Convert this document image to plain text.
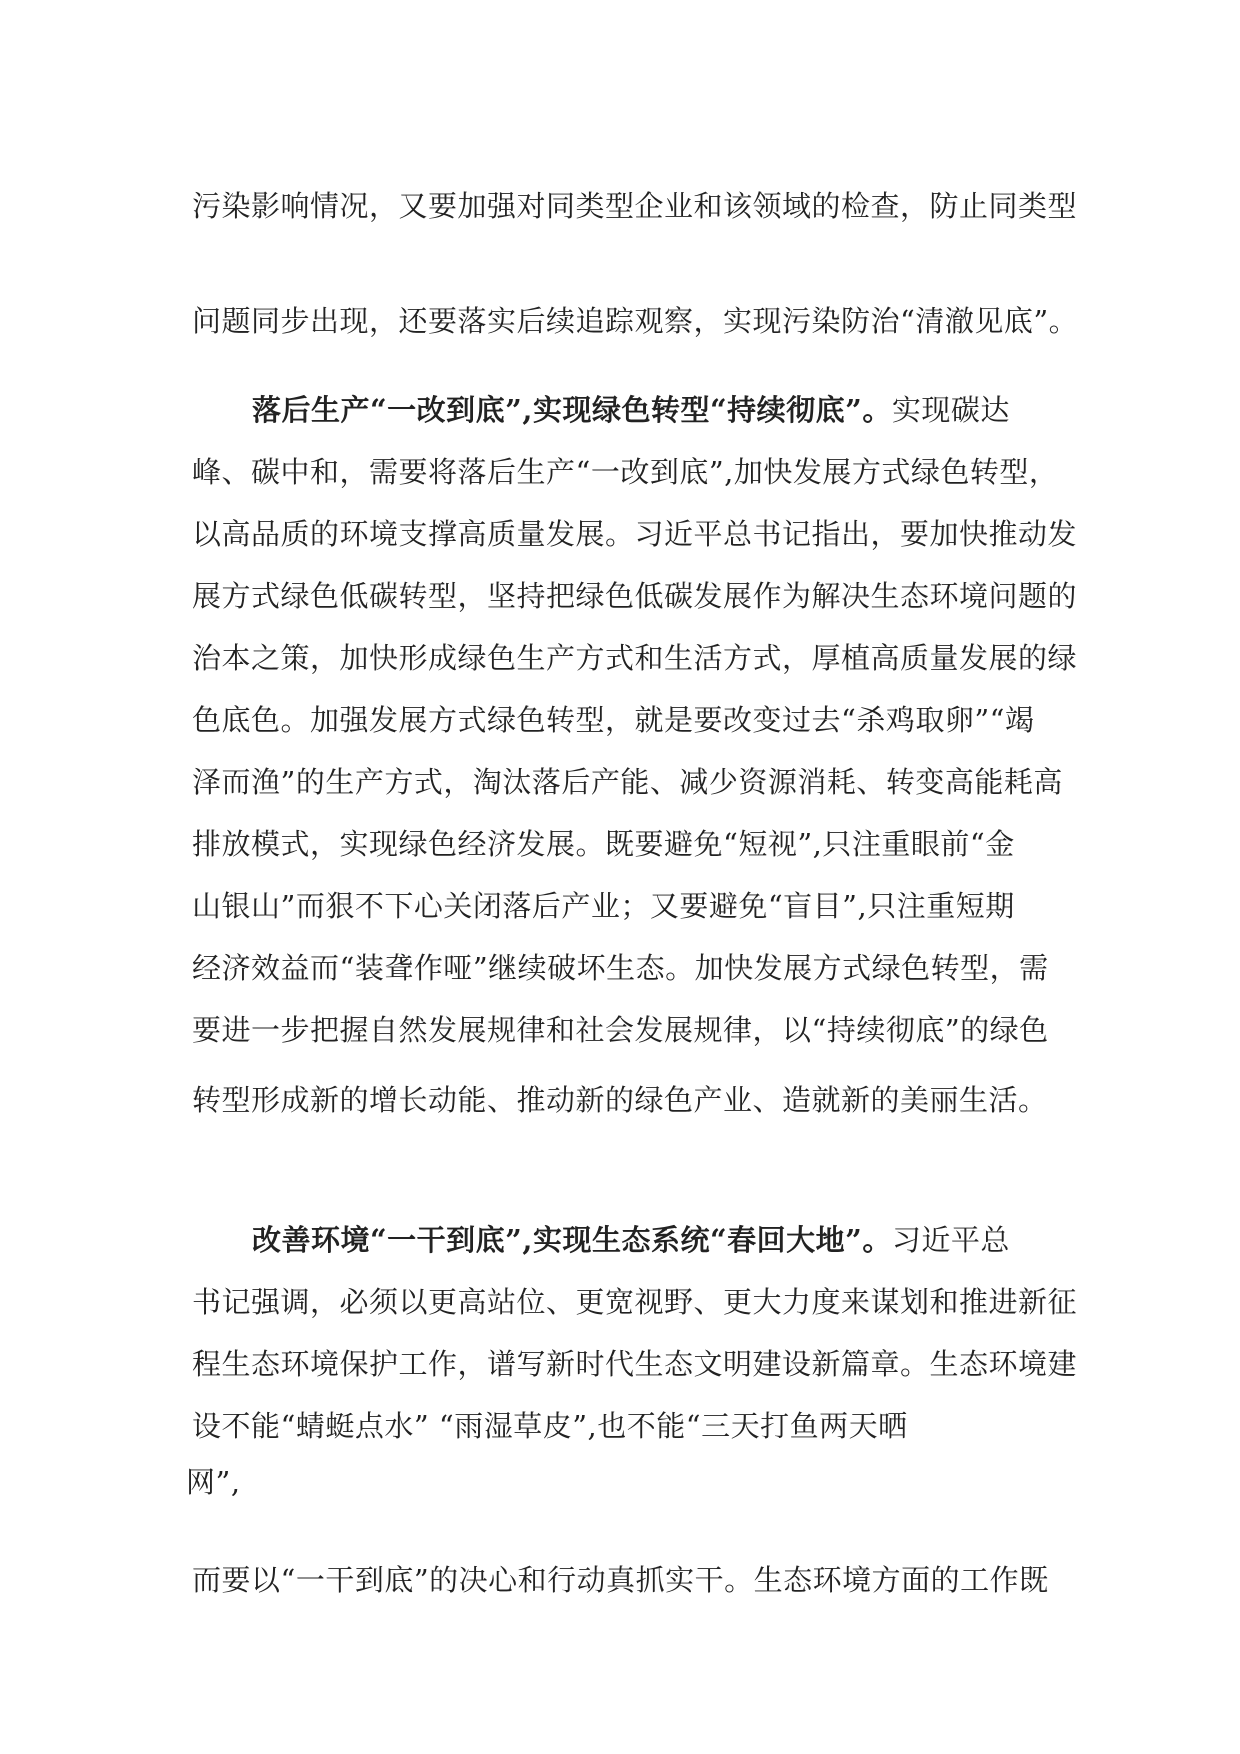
污染影响情况，又要加强对同类型企业和该领域的检查，防止同类型
问题同步出现，还要落实后续追踪观察，实现污染防治“清澈见底”。
落后生产“一改到底”,实现绿色转型“持续彻底”。实现碳达
峰、碳中和，需要将落后生产“一改到底”,加快发展方式绿色转型，
以高品质的环境支撑高质量发展。习近平总书记指出，要加快推动发
展方式绿色低碳转型，坚持把绿色低碳发展作为解决生态环境问题的
治本之策，加快形成绿色生产方式和生活方式，厚植高质量发展的绿
色底色。加强发展方式绿色转型，就是要改变过去“杀鸡取卵”“竭
泽而渔”的生产方式，淘汰落后产能、减少资源消耗、转变高能耗高
排放模式，实现绿色经济发展。既要避免“短视”,只注重眼前“金
山银山”而狠不下心关闭落后产业；又要避免“盲目”,只注重短期
经济效益而“装聋作哑”继续破坏生态。加快发展方式绿色转型，需
要进一步把握自然发展规律和社会发展规律，以“持续彻底”的绿色
转型形成新的增长动能、推动新的绿色产业、造就新的美丽生活。
改善环境“一干到底”,实现生态系统“春回大地”。习近平总
书记强调，必须以更高站位、更宽视野、更大力度来谋划和推进新征
程生态环境保护工作，谱写新时代生态文明建设新篇章。生态环境建
设不能“蜻蜓点水” “雨湿草皮”,也不能“三天打鱼两天晒
网”,
而要以“一干到底”的决心和行动真抓实干。生态环境方面的工作既
